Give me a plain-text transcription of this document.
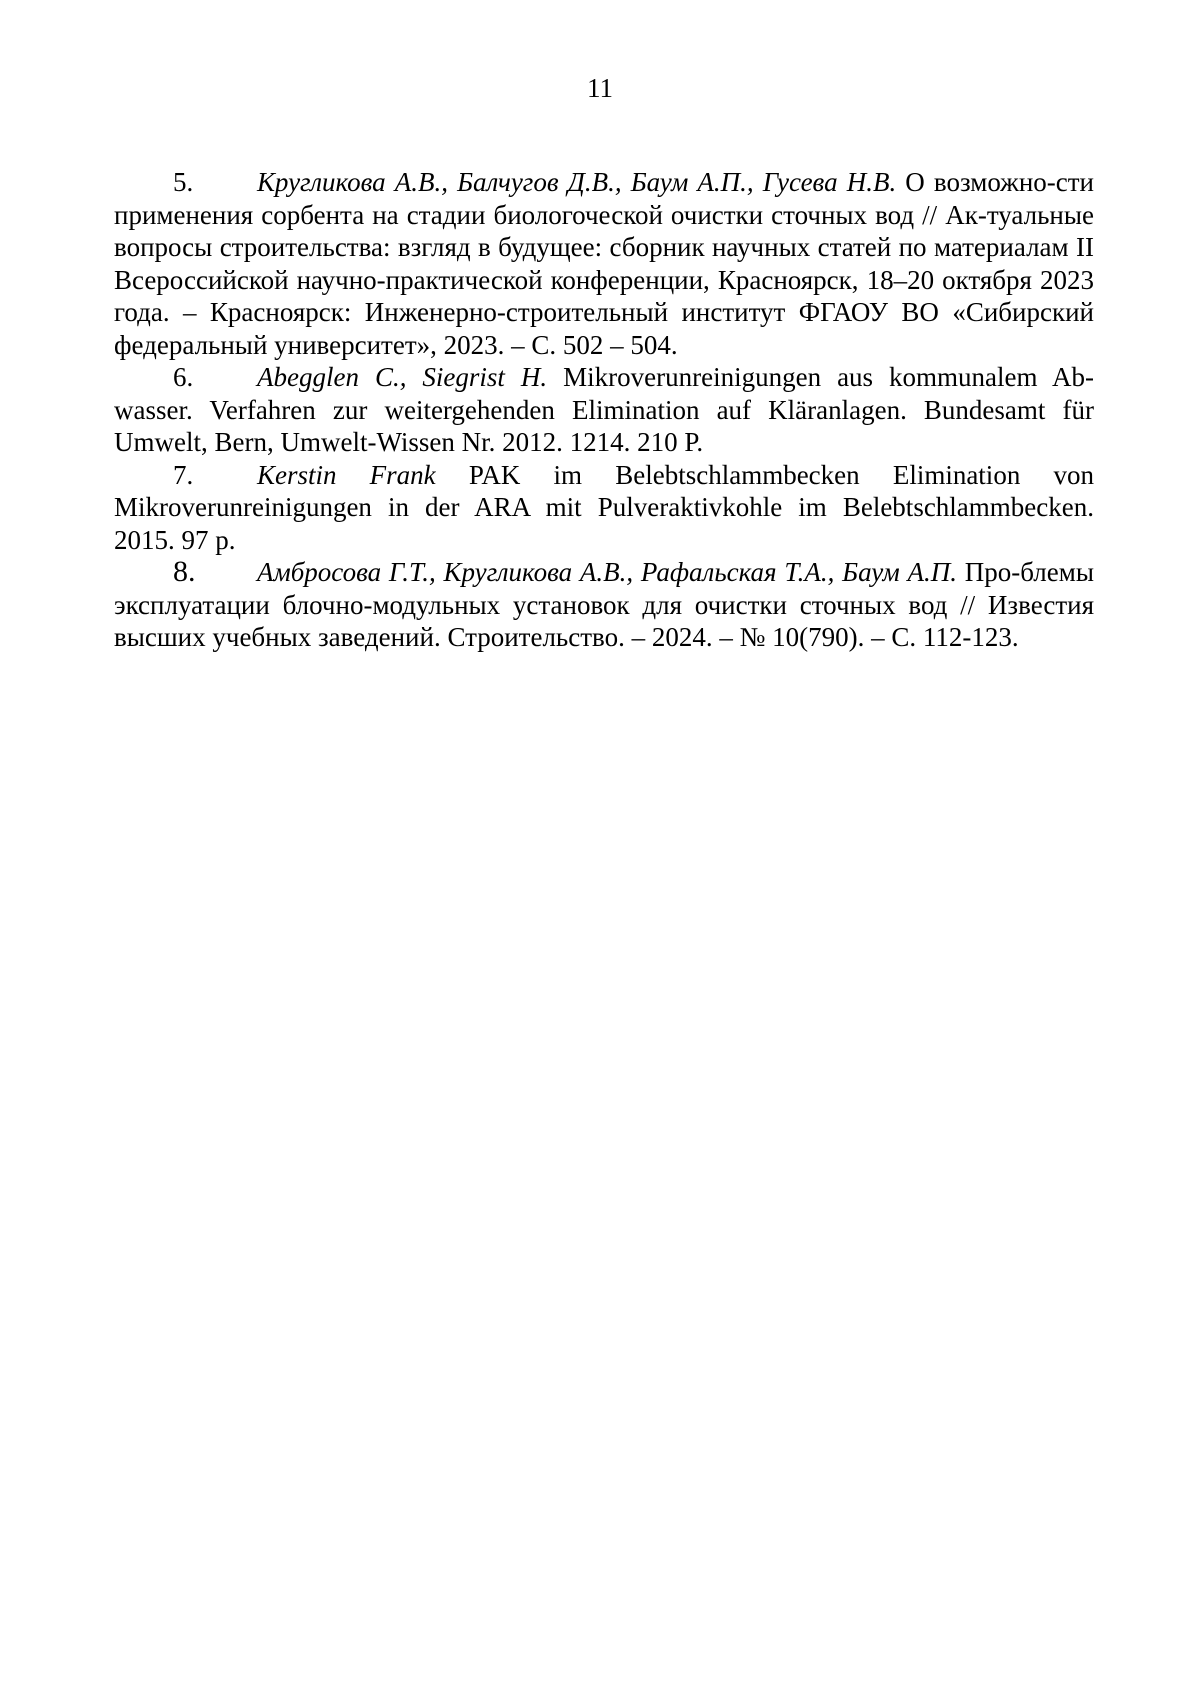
11

5. Кругликова А.В., Балчугов Д.В., Баум А.П., Гусева Н.В. О возможно-сти применения сорбента на стадии биологоческой очистки сточных вод // Ак-туальные вопросы строительства: взгляд в будущее: сборник научных статей по материалам II Всероссийской научно-практической конференции, Красноярск, 18–20 октября 2023 года. – Красноярск: Инженерно-строительный институт ФГАОУ ВО «Сибирский федеральный университет», 2023. – С. 502 – 504.

6. Abegglen C., Siegrist H. Mikroverunreinigungen aus kommunalem Ab-wasser. Verfahren zur weitergehenden Elimination auf Kläranlagen. Bundesamt für Umwelt, Bern, Umwelt-Wissen Nr. 2012. 1214. 210 P.

7. Kerstin Frank PAK im Belebtschlammbecken Elimination von Mikroverunreinigungen in der ARA mit Pulveraktivkohle im Belebtschlammbecken. 2015. 97 p.

8. Амбросова Г.Т., Кругликова А.В., Рафальская Т.А., Баум А.П. Про-блемы эксплуатации блочно-модульных установок для очистки сточных вод // Известия высших учебных заведений. Строительство. – 2024. – № 10(790). – С. 112-123.
